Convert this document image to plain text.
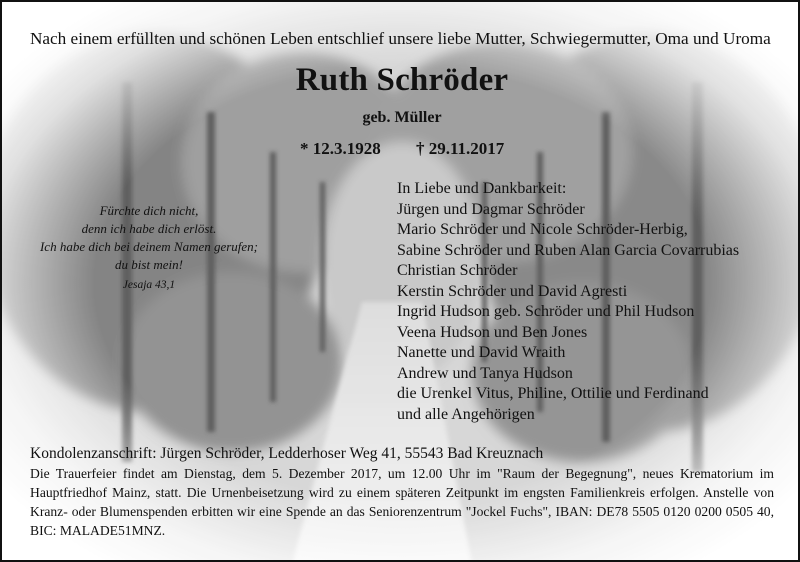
Nach einem erfüllten und schönen Leben entschlief unsere liebe Mutter, Schwiegermutter, Oma und Uroma
Ruth Schröder
geb. Müller
* 12.3.1928 † 29.11.2017
Fürchte dich nicht,
denn ich habe dich erlöst.
Ich habe dich bei deinem Namen gerufen;
du bist mein!
Jesaja 43,1
In Liebe und Dankbarkeit:
Jürgen und Dagmar Schröder
Mario Schröder und Nicole Schröder-Herbig,
Sabine Schröder und Ruben Alan Garcia Covarrubias
Christian Schröder
Kerstin Schröder und David Agresti
Ingrid Hudson geb. Schröder und Phil Hudson
Veena Hudson und Ben Jones
Nanette und David Wraith
Andrew und Tanya Hudson
die Urenkel Vitus, Philine, Ottilie und Ferdinand
und alle Angehörigen
Kondolenzanschrift: Jürgen Schröder, Ledderhoser Weg 41, 55543 Bad Kreuznach
Die Trauerfeier findet am Dienstag, dem 5. Dezember 2017, um 12.00 Uhr im "Raum der Begegnung", neues Krematorium im Hauptfriedhof Mainz, statt. Die Urnenbeisetzung wird zu einem späteren Zeitpunkt im engsten Familienkreis erfolgen. Anstelle von Kranz- oder Blumenspenden erbitten wir eine Spende an das Seniorenzentrum "Jockel Fuchs", IBAN: DE78 5505 0120 0200 0505 40, BIC: MALADE51MNZ.
